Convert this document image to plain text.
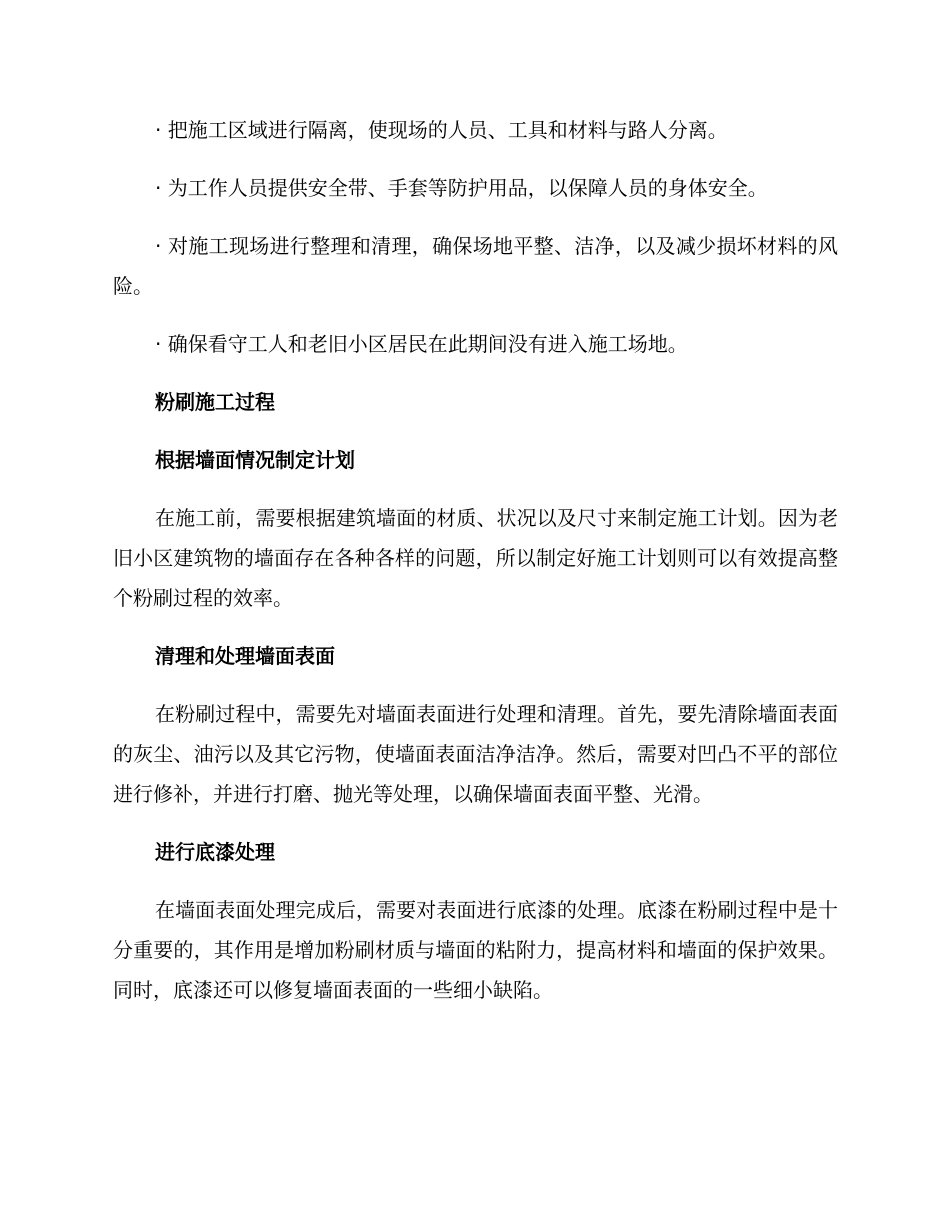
· 把施工区域进行隔离，使现场的人员、工具和材料与路人分离。

· 为工作人员提供安全带、手套等防护用品，以保障人员的身体安全。

· 对施工现场进行整理和清理，确保场地平整、洁净，以及减少损坏材料的风险。

· 确保看守工人和老旧小区居民在此期间没有进入施工场地。

粉刷施工过程
根据墙面情况制定计划

在施工前，需要根据建筑墙面的材质、状况以及尺寸来制定施工计划。因为老旧小区建筑物的墙面存在各种各样的问题，所以制定好施工计划则可以有效提高整个粉刷过程的效率。

清理和处理墙面表面

在粉刷过程中，需要先对墙面表面进行处理和清理。首先，要先清除墙面表面的灰尘、油污以及其它污物，使墙面表面洁净洁净。然后，需要对凹凸不平的部位进行修补，并进行打磨、抛光等处理，以确保墙面表面平整、光滑。

进行底漆处理

在墙面表面处理完成后，需要对表面进行底漆的处理。底漆在粉刷过程中是十分重要的，其作用是增加粉刷材质与墙面的粘附力，提高材料和墙面的保护效果。同时，底漆还可以修复墙面表面的一些细小缺陷。
